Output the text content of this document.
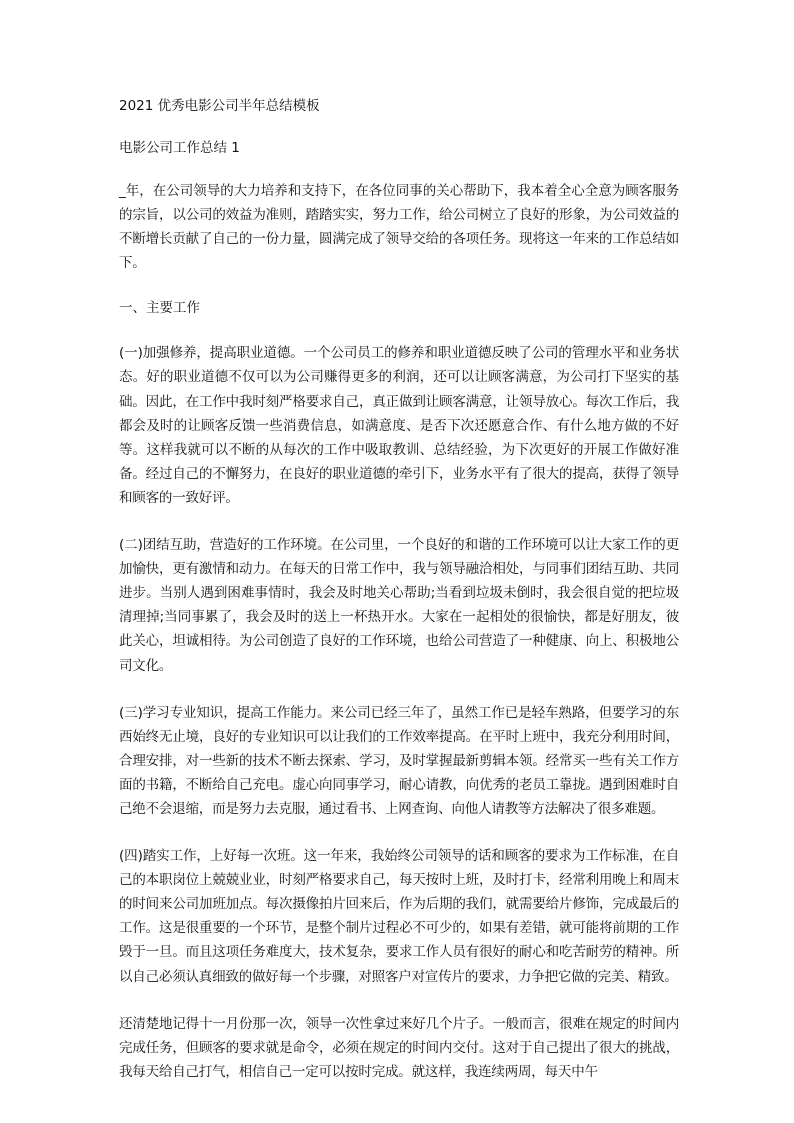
2021 优秀电影公司半年总结模板
电影公司工作总结 1
_年，在公司领导的大力培养和支持下，在各位同事的关心帮助下，我本着全心全意为顾客服务的宗旨，以公司的效益为准则，踏踏实实，努力工作，给公司树立了良好的形象，为公司效益的不断增长贡献了自己的一份力量，圆满完成了领导交给的各项任务。现将这一年来的工作总结如下。
一、主要工作
(一)加强修养，提高职业道德。一个公司员工的修养和职业道德反映了公司的管理水平和业务状态。好的职业道德不仅可以为公司赚得更多的利润，还可以让顾客满意，为公司打下坚实的基础。因此，在工作中我时刻严格要求自己，真正做到让顾客满意，让领导放心。每次工作后，我都会及时的让顾客反馈一些消费信息，如满意度、是否下次还愿意合作、有什么地方做的不好等。这样我就可以不断的从每次的工作中吸取教训、总结经验，为下次更好的开展工作做好准备。经过自己的不懈努力，在良好的职业道德的牵引下，业务水平有了很大的提高，获得了领导和顾客的一致好评。
(二)团结互助，营造好的工作环境。在公司里，一个良好的和谐的工作环境可以让大家工作的更加愉快，更有激情和动力。在每天的日常工作中，我与领导融洽相处，与同事们团结互助、共同进步。当别人遇到困难事情时，我会及时地关心帮助;当看到垃圾未倒时，我会很自觉的把垃圾清理掉;当同事累了，我会及时的送上一杯热开水。大家在一起相处的很愉快，都是好朋友，彼此关心，坦诚相待。为公司创造了良好的工作环境，也给公司营造了一种健康、向上、积极地公司文化。
(三)学习专业知识，提高工作能力。来公司已经三年了，虽然工作已是轻车熟路，但要学习的东西始终无止境，良好的专业知识可以让我们的工作效率提高。在平时上班中，我充分利用时间，合理安排，对一些新的技术不断去探索、学习，及时掌握最新剪辑本领。经常买一些有关工作方面的书籍，不断给自己充电。虚心向同事学习，耐心请教，向优秀的老员工靠拢。遇到困难时自己绝不会退缩，而是努力去克服，通过看书、上网查询、向他人请教等方法解决了很多难题。
(四)踏实工作，上好每一次班。这一年来，我始终公司领导的话和顾客的要求为工作标准，在自己的本职岗位上兢兢业业，时刻严格要求自己，每天按时上班，及时打卡，经常利用晚上和周末的时间来公司加班加点。每次摄像拍片回来后，作为后期的我们，就需要给片修饰，完成最后的工作。这是很重要的一个环节，是整个制片过程必不可少的，如果有差错，就可能将前期的工作毁于一旦。而且这项任务难度大，技术复杂，要求工作人员有很好的耐心和吃苦耐劳的精神。所以自己必须认真细致的做好每一个步骤，对照客户对宣传片的要求，力争把它做的完美、精致。
还清楚地记得十一月份那一次，领导一次性拿过来好几个片子。一般而言，很难在规定的时间内完成任务，但顾客的要求就是命令，必须在规定的时间内交付。这对于自己提出了很大的挑战，我每天给自己打气，相信自己一定可以按时完成。就这样，我连续两周，每天中午
